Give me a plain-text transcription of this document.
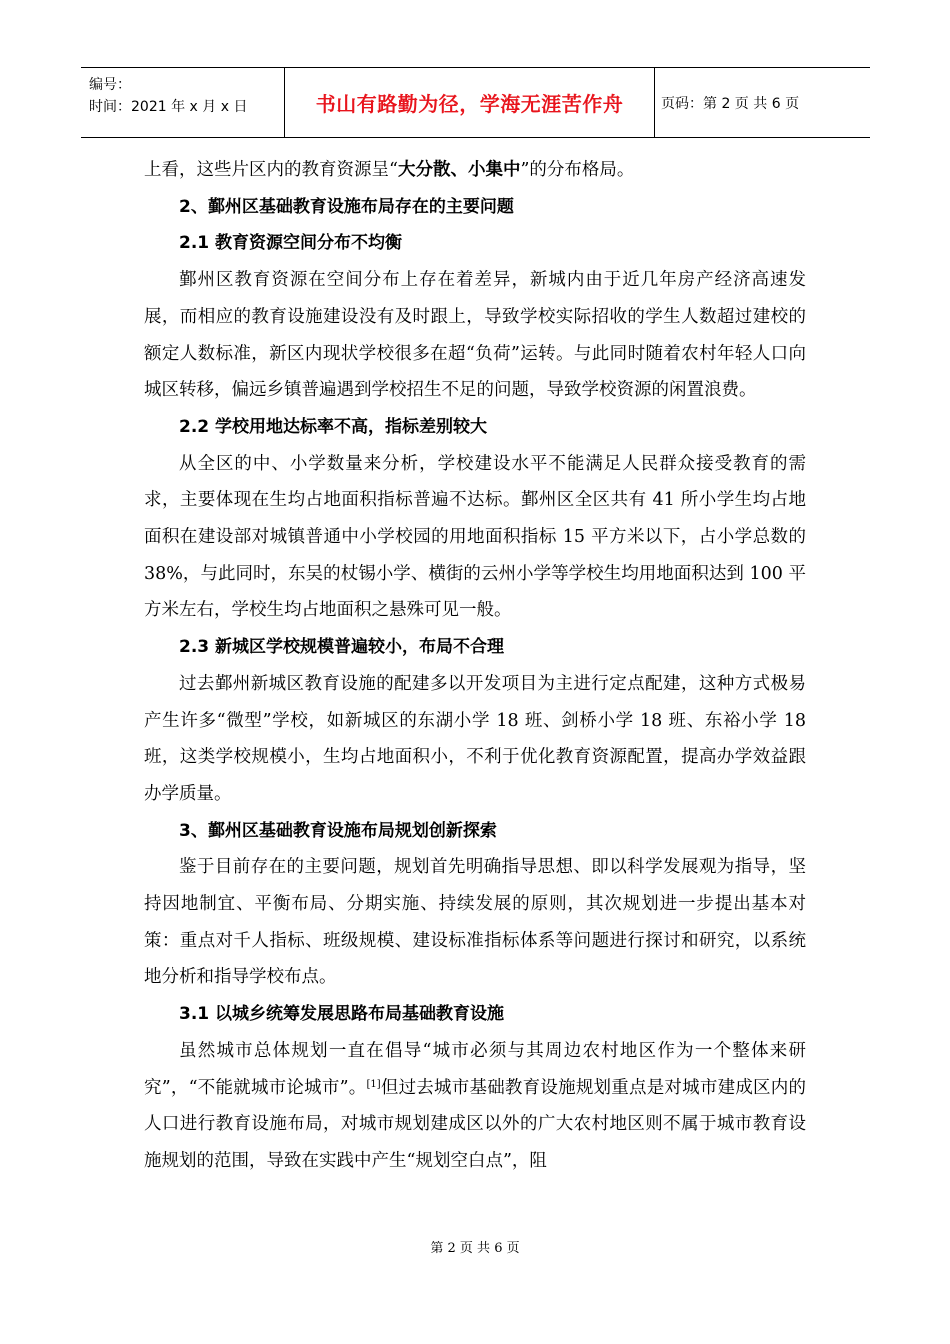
编号：
时间：2021 年 x 月 x 日	书山有路勤为径，学海无涯苦作舟	页码：第 2 页 共 6 页

上看，这些片区内的教育资源呈“大分散、小集中”的分布格局。

2、鄞州区基础教育设施布局存在的主要问题

2.1 教育资源空间分布不均衡

鄞州区教育资源在空间分布上存在着差异，新城内由于近几年房产经济高速发展，而相应的教育设施建设没有及时跟上，导致学校实际招收的学生人数超过建校的额定人数标准，新区内现状学校很多在超“负荷”运转。与此同时随着农村年轻人口向城区转移，偏远乡镇普遍遇到学校招生不足的问题，导致学校资源的闲置浪费。

2.2 学校用地达标率不高，指标差别较大

从全区的中、小学数量来分析，学校建设水平不能满足人民群众接受教育的需求，主要体现在生均占地面积指标普遍不达标。鄞州区全区共有 41 所小学生均占地面积在建设部对城镇普通中小学校园的用地面积指标 15 平方米以下，占小学总数的 38%，与此同时，东吴的杖锡小学、横街的云州小学等学校生均用地面积达到 100 平方米左右，学校生均占地面积之悬殊可见一般。

2.3 新城区学校规模普遍较小，布局不合理

过去鄞州新城区教育设施的配建多以开发项目为主进行定点配建，这种方式极易产生许多“微型”学校，如新城区的东湖小学 18 班、剑桥小学 18 班、东裕小学 18 班，这类学校规模小，生均占地面积小，不利于优化教育资源配置，提高办学效益跟办学质量。

3、鄞州区基础教育设施布局规划创新探索

鉴于目前存在的主要问题，规划首先明确指导思想、即以科学发展观为指导，坚持因地制宜、平衡布局、分期实施、持续发展的原则，其次规划进一步提出基本对策：重点对千人指标、班级规模、建设标准指标体系等问题进行探讨和研究，以系统地分析和指导学校布点。

3.1 以城乡统筹发展思路布局基础教育设施

虽然城市总体规划一直在倡导“城市必须与其周边农村地区作为一个整体来研究”，“不能就城市论城市”。[1]但过去城市基础教育设施规划重点是对城市建成区内的人口进行教育设施布局，对城市规划建成区以外的广大农村地区则不属于城市教育设施规划的范围，导致在实践中产生“规划空白点”，阻

第 2 页 共 6 页
